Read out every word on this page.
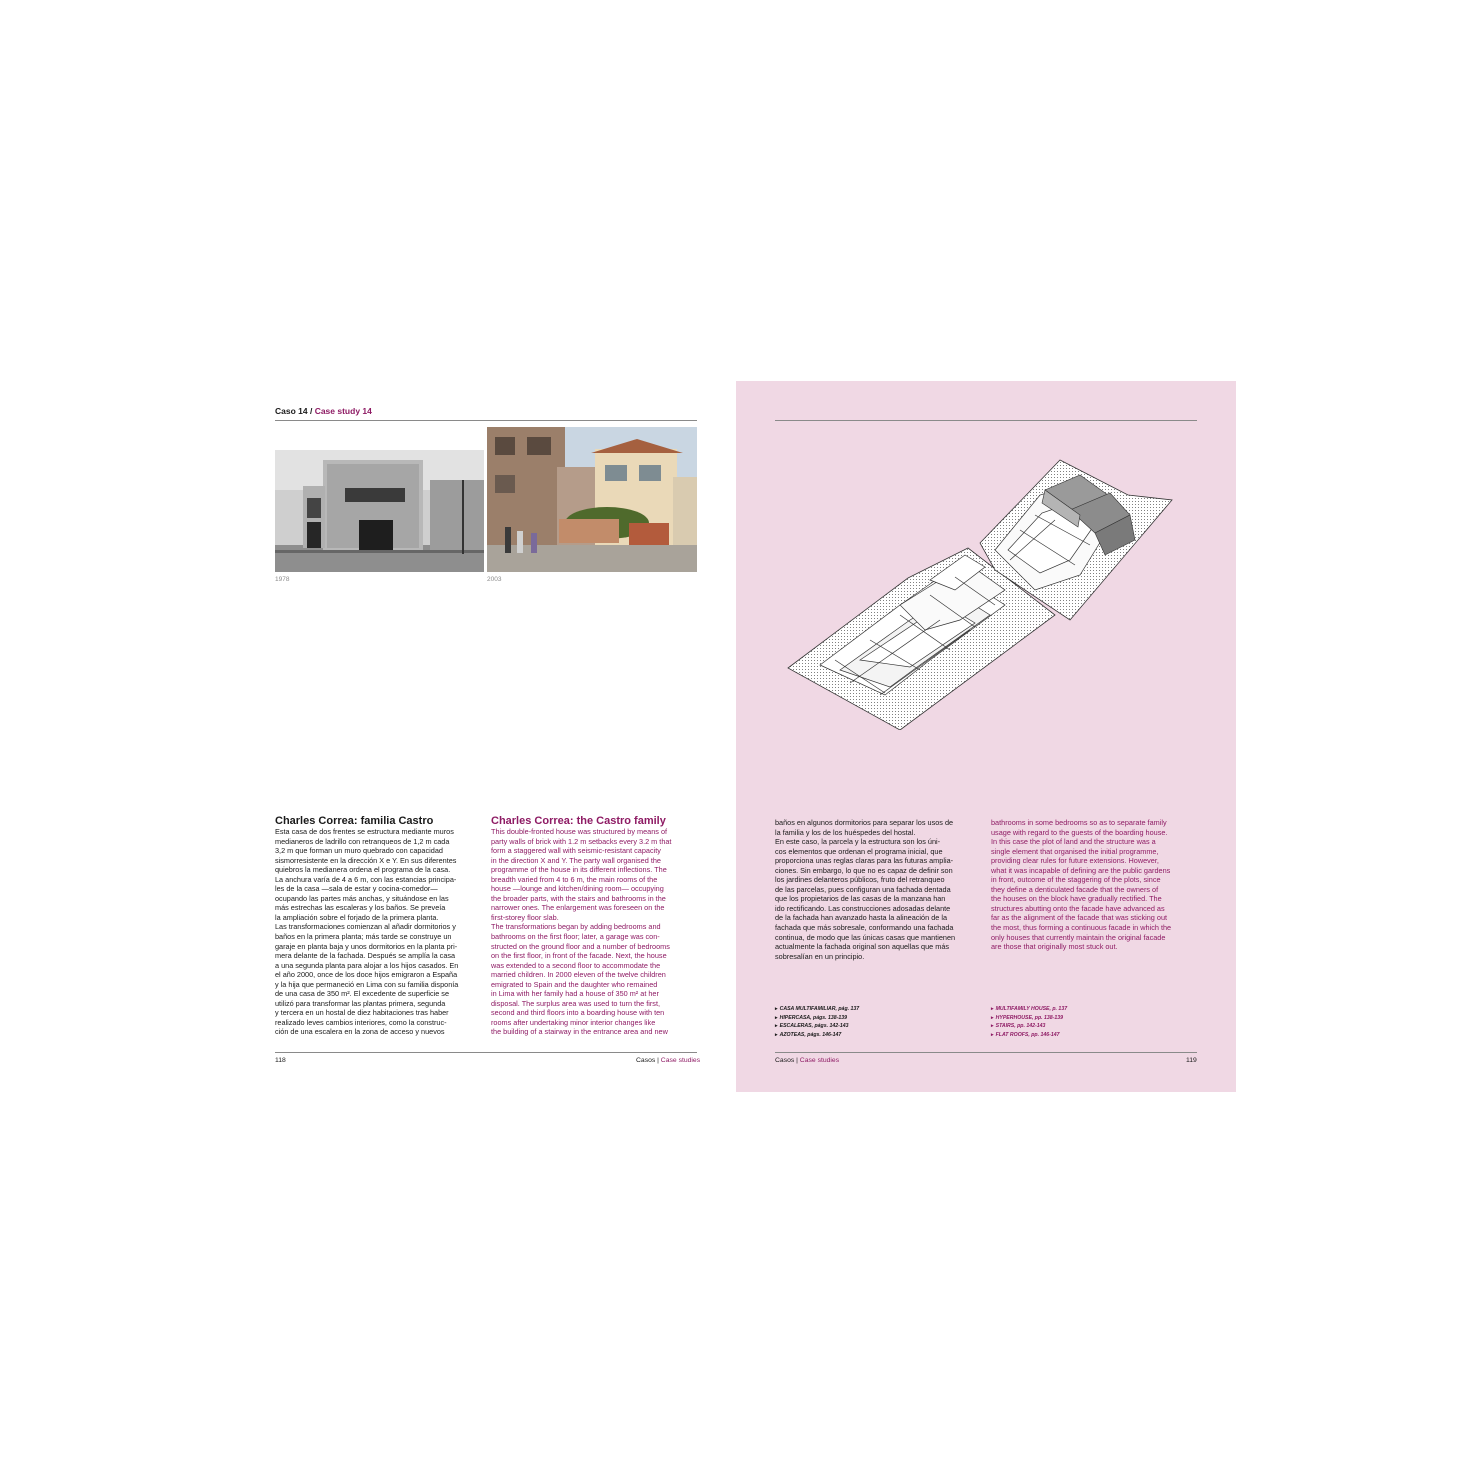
Caso 14 / Case study 14
1978	2003
Charles Correa: familia Castro	Charles Correa: the Castro family
Esta casa de dos frentes se estructura mediante muros
medianeros de ladrillo con retranqueos de 1,2 m cada
3,2 m que forman un muro quebrado con capacidad
sismorresistente en la dirección X e Y. En sus diferentes
quiebros la medianera ordena el programa de la casa.
La anchura varía de 4 a 6 m, con las estancias principa-
les de la casa —sala de estar y cocina-comedor—
ocupando las partes más anchas, y situándose en las
más estrechas las escaleras y los baños. Se preveía
la ampliación sobre el forjado de la primera planta.
Las transformaciones comienzan al añadir dormitorios y
baños en la primera planta; más tarde se construye un
garaje en planta baja y unos dormitorios en la planta pri-
mera delante de la fachada. Después se amplía la casa
a una segunda planta para alojar a los hijos casados. En
el año 2000, once de los doce hijos emigraron a España
y la hija que permaneció en Lima con su familia disponía
de una casa de 350 m². El excedente de superficie se
utilizó para transformar las plantas primera, segunda
y tercera en un hostal de diez habitaciones tras haber
realizado leves cambios interiores, como la construc-
ción de una escalera en la zona de acceso y nuevos
This double-fronted house was structured by means of
party walls of brick with 1.2 m setbacks every 3.2 m that
form a staggered wall with seismic-resistant capacity
in the direction X and Y. The party wall organised the
programme of the house in its different inflections. The
breadth varied from 4 to 6 m, the main rooms of the
house —lounge and kitchen/dining room— occupying
the broader parts, with the stairs and bathrooms in the
narrower ones. The enlargement was foreseen on the
first-storey floor slab.
The transformations began by adding bedrooms and
bathrooms on the first floor; later, a garage was con-
structed on the ground floor and a number of bedrooms
on the first floor, in front of the facade. Next, the house
was extended to a second floor to accommodate the
married children. In 2000 eleven of the twelve children
emigrated to Spain and the daughter who remained
in Lima with her family had a house of 350 m² at her
disposal. The surplus area was used to turn the first,
second and third floors into a boarding house with ten
rooms after undertaking minor interior changes like
the building of a stairway in the entrance area and new
118	Casos | Case studies
baños en algunos dormitorios para separar los usos de
la familia y los de los huéspedes del hostal.
En este caso, la parcela y la estructura son los úni-
cos elementos que ordenan el programa inicial, que
proporciona unas reglas claras para las futuras amplia-
ciones. Sin embargo, lo que no es capaz de definir son
los jardines delanteros públicos, fruto del retranqueo
de las parcelas, pues configuran una fachada dentada
que los propietarios de las casas de la manzana han
ido rectificando. Las construcciones adosadas delante
de la fachada han avanzado hasta la alineación de la
fachada que más sobresale, conformando una fachada
continua, de modo que las únicas casas que mantienen
actualmente la fachada original son aquellas que más
sobresalían en un principio.
bathrooms in some bedrooms so as to separate family
usage with regard to the guests of the boarding house.
In this case the plot of land and the structure was a
single element that organised the initial programme,
providing clear rules for future extensions. However,
what it was incapable of defining are the public gardens
in front, outcome of the staggering of the plots, since
they define a denticulated facade that the owners of
the houses on the block have gradually rectified. The
structures abutting onto the facade have advanced as
far as the alignment of the facade that was sticking out
the most, thus forming a continuous facade in which the
only houses that currently maintain the original facade
are those that originally most stuck out.
▸ CASA MULTIFAMILIAR, pág. 137
▸ HIPERCASA, págs. 138-139
▸ ESCALERAS, págs. 142-143
▸ AZOTEAS, págs. 146-147
▸ MULTIFAMILY HOUSE, p. 137
▸ HYPERHOUSE, pp. 138-139
▸ STAIRS, pp. 142-143
▸ FLAT ROOFS, pp. 146-147
Casos | Case studies	119
